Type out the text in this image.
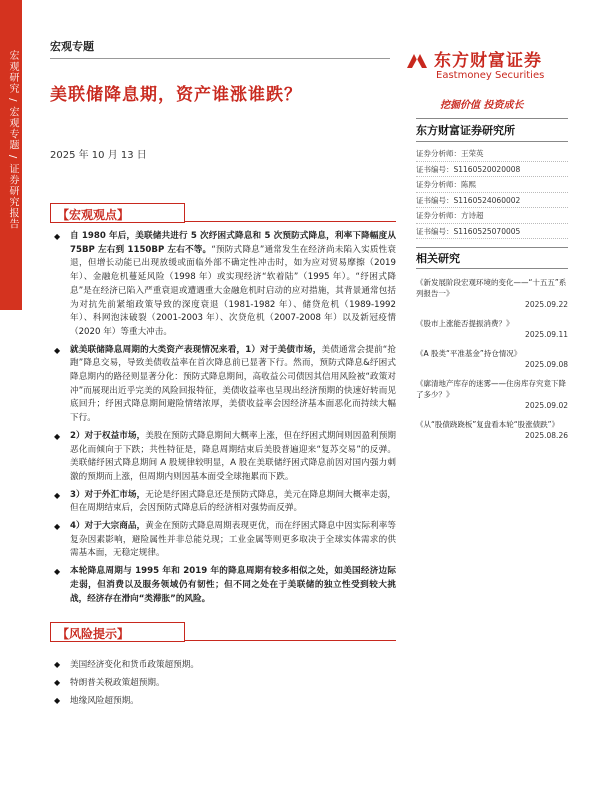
宏观研究 / 宏观专题 / 证券研究报告
宏观专题
美联储降息期，资产谁涨谁跌？
2025 年 10 月 13 日
东方财富证券
Eastmoney Securities
挖掘价值 投资成长
东方财富证券研究所
证券分析师：王荣英
证书编号：S1160520020008
证券分析师：陈熙
证书编号：S1160524060002
证券分析师：方诗超
证书编号：S1160525070005
相关研究
《新发展阶段宏观环境的变化——“十五五”系列报告一》
2025.09.22
《股市上涨能否提振消费？》
2025.09.11
《A 股类“平准基金”持仓情况》
2025.09.08
《廓清地产库存的迷雾——住房库存究竟下降了多少？》
2025.09.02
《从“股债跷跷板”复盘看本轮“股涨债跌”》
2025.08.26
【宏观观点】
◆ 自 1980 年后，美联储共进行 5 次纾困式降息和 5 次预防式降息，利率下降幅度从 75BP 左右到 1150BP 左右不等。“预防式降息”通常发生在经济尚未陷入实质性衰退，但增长动能已出现放缓或面临外部不确定性冲击时，如为应对贸易摩擦（2019 年）、金融危机蔓延风险（1998 年）或实现经济“软着陆”（1995 年）。“纾困式降息”是在经济已陷入严重衰退或遭遇重大金融危机时启动的应对措施，其背景通常包括为对抗先前紧缩政策导致的深度衰退（1981-1982 年）、储贷危机（1989-1992 年）、科网泡沫破裂（2001-2003 年）、次贷危机（2007-2008 年）以及新冠疫情（2020 年）等重大冲击。
◆ 就美联储降息周期的大类资产表现情况来看，1）对于美债市场，美债通常会提前“抢跑”降息交易，导致美债收益率在首次降息前已显著下行。然而，预防式降息&纾困式降息期内的路径则显著分化：预防式降息期间，高收益公司债因其信用风险被“政策对冲”而展现出近乎完美的风险回报特征，美债收益率也呈现出经济预期的快速好转而见底回升；纾困式降息期间避险情绪浓厚，美债收益率会因经济基本面恶化而持续大幅下行。
◆ 2）对于权益市场，美股在预防式降息期间大概率上涨，但在纾困式期间则因盈利预期恶化而倾向于下跌；共性特征是，降息周期结束后美股普遍迎来“复苏交易”的反弹。美联储纾困式降息期间 A 股规律较明显，A 股在美联储纾困式降息前因对国内强力刺激的预期而上涨，但周期内则因基本面受全球拖累而下跌。
◆ 3）对于外汇市场，无论是纾困式降息还是预防式降息，美元在降息期间大概率走弱，但在周期结束后，会因预防式降息后的经济相对强势而反弹。
◆ 4）对于大宗商品，黄金在预防式降息周期表现更优，而在纾困式降息中因实际利率等复杂因素影响，避险属性并非总能兑现；工业金属等则更多取决于全球实体需求的供需基本面，无稳定规律。
◆ 本轮降息周期与 1995 年和 2019 年的降息周期有较多相似之处，如美国经济边际走弱，但消费以及服务领域仍有韧性；但不同之处在于美联储的独立性受到较大挑战，经济存在滑向“类滞胀”的风险。
【风险提示】
◆ 美国经济变化和货币政策超预期。
◆ 特朗普关税政策超预期。
◆ 地缘风险超预期。
